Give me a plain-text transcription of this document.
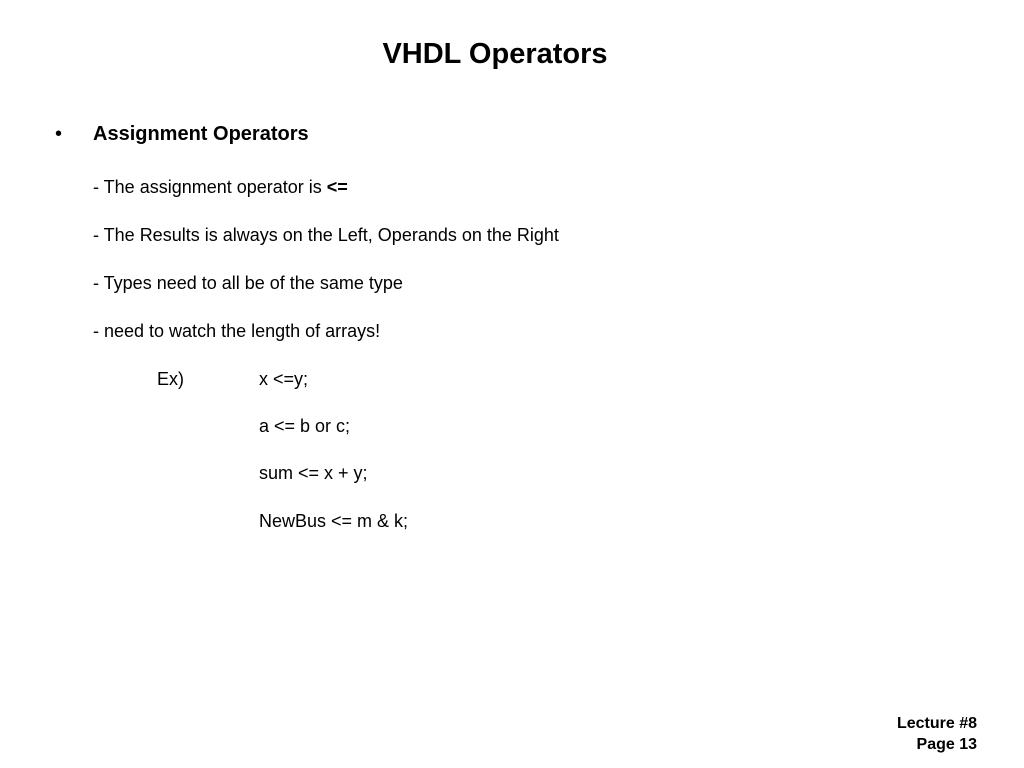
VHDL Operators
• Assignment Operators
- The assignment operator is <=
- The Results is always on the Left, Operands on the Right
- Types need to all be of the same type
- need to watch the length of arrays!
Ex)	x <=y;
a <= b or c;
sum <= x + y;
NewBus <= m & k;
Lecture #8
Page 13
